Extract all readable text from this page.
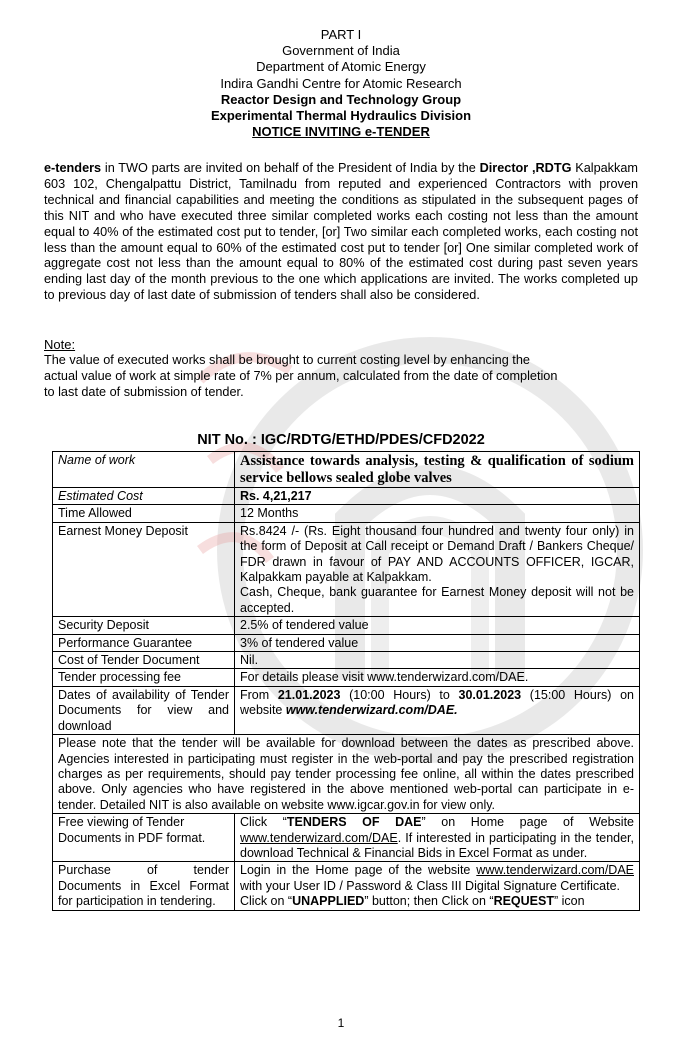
PART I
Government of India
Department of Atomic Energy
Indira Gandhi Centre for Atomic Research
Reactor Design and Technology Group
Experimental Thermal Hydraulics Division
NOTICE INVITING e-TENDER
e-tenders in TWO parts are invited on behalf of the President of India by the Director ,RDTG Kalpakkam 603 102, Chengalpattu District, Tamilnadu from reputed and experienced Contractors with proven technical and financial capabilities and meeting the conditions as stipulated in the subsequent pages of this NIT and who have executed three similar completed works each costing not less than the amount equal to 40% of the estimated cost put to tender, [or] Two similar each completed works, each costing not less than the amount equal to 60% of the estimated cost put to tender [or] One similar completed work of aggregate cost not less than the amount equal to 80% of the estimated cost during past seven years ending last day of the month previous to the one which applications are invited. The works completed up to previous day of last date of submission of tenders shall also be considered.
Note:
The value of executed works shall be brought to current costing level by enhancing the
actual value of work at simple rate of 7% per annum, calculated from the date of completion
to last date of submission of tender.
NIT No. : IGC/RDTG/ETHD/PDES/CFD2022
Name of work	Assistance towards analysis, testing & qualification of sodium service bellows sealed globe valves
Estimated Cost	Rs. 4,21,217
Time Allowed	12 Months
Earnest Money Deposit	Rs.8424 /- (Rs. Eight thousand four hundred and twenty four only) in the form of Deposit at Call receipt or Demand Draft / Bankers Cheque/ FDR drawn in favour of PAY AND ACCOUNTS OFFICER, IGCAR, Kalpakkam payable at Kalpakkam.
Cash, Cheque, bank guarantee for Earnest Money deposit will not be accepted.

Security Deposit	2.5% of tendered value
Performance Guarantee	3% of tendered value
Cost of Tender Document	Nil.
Tender processing fee	For details please visit www.tenderwizard.com/DAE.
Dates of availability of Tender Documents for view and download	From 21.01.2023 (10:00 Hours) to 30.01.2023 (15:00 Hours) on website www.tenderwizard.com/DAE.
Please note that the tender will be available for download between the dates as prescribed above. Agencies interested in participating must register in the web-portal and pay the prescribed registration charges as per requirements, should pay tender processing fee online, all within the dates prescribed above. Only agencies who have registered in the above mentioned web-portal can participate in e-tender. Detailed NIT is also available on website www.igcar.gov.in for view only.	
Free viewing of Tender Documents in PDF format.	Click “TENDERS OF DAE” on Home page of Website www.tenderwizard.com/DAE. If interested in participating in the tender, download Technical & Financial Bids in Excel Format as under.
Purchase of tender Documents in Excel Format for participation in tendering.	Login in the Home page of the website www.tenderwizard.com/DAE with your User ID / Password & Class III Digital Signature Certificate.
Click on “UNAPPLIED” button; then Click on “REQUEST” icon
1
